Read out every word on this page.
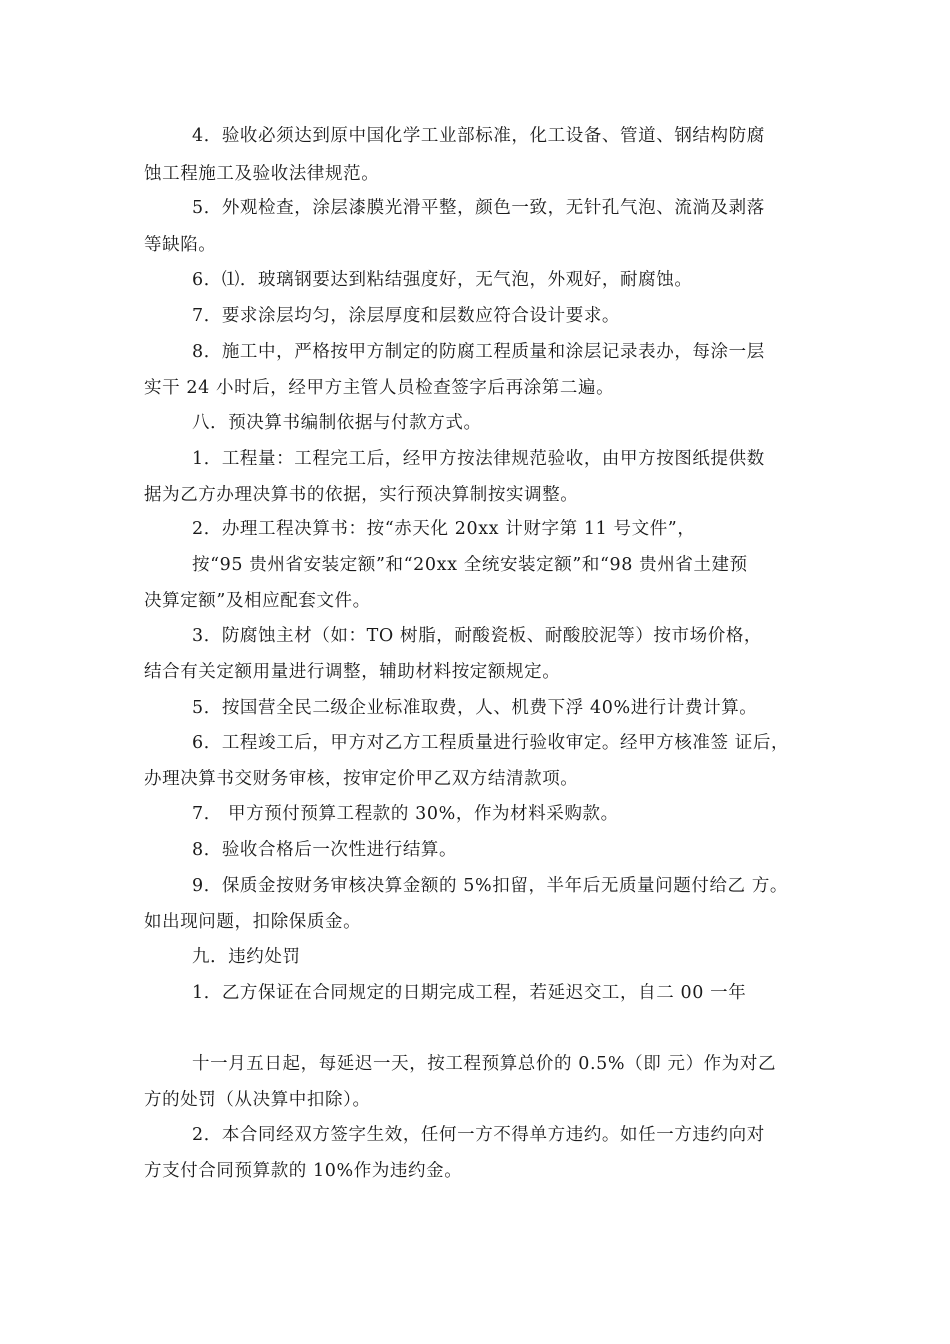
4．验收必须达到原中国化学工业部标准，化工设备、管道、钢结构防腐
蚀工程施工及验收法律规范。
5．外观检查，涂层漆膜光滑平整，颜色一致，无针孔气泡、流淌及剥落
等缺陷。
6．⑴．玻璃钢要达到粘结强度好，无气泡，外观好，耐腐蚀。
7．要求涂层均匀，涂层厚度和层数应符合设计要求。
8．施工中，严格按甲方制定的防腐工程质量和涂层记录表办，每涂一层
实干 24 小时后，经甲方主管人员检查签字后再涂第二遍。
八．预决算书编制依据与付款方式。
1．工程量：工程完工后，经甲方按法律规范验收，由甲方按图纸提供数
据为乙方办理决算书的依据，实行预决算制按实调整。
2．办理工程决算书：按“赤天化 20xx 计财字第 11 号文件”，
按“95 贵州省安装定额”和“20xx 全统安装定额”和“98 贵州省土建预
决算定额”及相应配套文件。
3．防腐蚀主材（如：TO 树脂，耐酸瓷板、耐酸胶泥等）按市场价格，
结合有关定额用量进行调整，辅助材料按定额规定。
5．按国营全民二级企业标准取费，人、机费下浮 40%进行计费计算。
6．工程竣工后，甲方对乙方工程质量进行验收审定。经甲方核准签 证后，
办理决算书交财务审核，按审定价甲乙双方结清款项。
7． 甲方预付预算工程款的 30%，作为材料采购款。
8．验收合格后一次性进行结算。
9．保质金按财务审核决算金额的 5%扣留，半年后无质量问题付给乙 方。
如出现问题，扣除保质金。
九．违约处罚
1．乙方保证在合同规定的日期完成工程，若延迟交工，自二 00 一年
十一月五日起，每延迟一天，按工程预算总价的 0.5%（即 元）作为对乙
方的处罚（从决算中扣除）。
2．本合同经双方签字生效，任何一方不得单方违约。如任一方违约向对
方支付合同预算款的 10%作为违约金。
